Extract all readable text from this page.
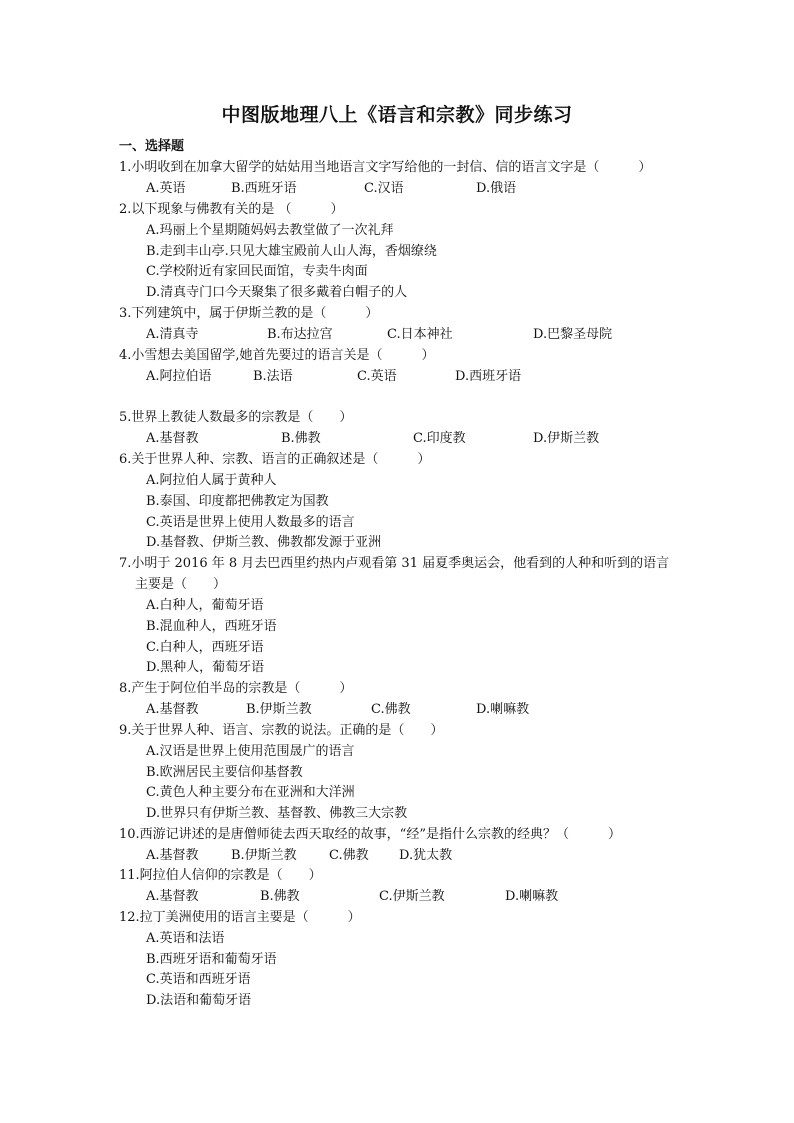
中图版地理八上《语言和宗教》同步练习
一、选择题
1.小明收到在加拿大留学的姑姑用当地语言文字写给他的一封信、信的语言文字是（　　　）
A.英语	B.西班牙语	C.汉语	D.俄语
2.以下现象与佛教有关的是 （　　　）
A.玛丽上个星期随妈妈去教堂做了一次礼拜
B.走到丰山亭.只见大雄宝殿前人山人海，香烟缭绕
C.学校附近有家回民面馆，专卖牛肉面
D.清真寺门口今天聚集了很多戴着白帽子的人
3.下列建筑中，属于伊斯兰教的是（　　　）
A.清真寺	B.布达拉宫	C.日本神社	D.巴黎圣母院
4.小雪想去美国留学,她首先要过的语言关是（　　　）
A.阿拉伯语	B.法语	C.英语	D.西班牙语
5.世界上教徒人数最多的宗教是（　　）
A.基督教	B.佛教	C.印度教	D.伊斯兰教
6.关于世界人种、宗教、语言的正确叙述是（　　　）
A.阿拉伯人属于黄种人
B.泰国、印度都把佛教定为国教
C.英语是世界上使用人数最多的语言
D.基督教、伊斯兰教、佛教都发源于亚洲
7.小明于 2016 年 8 月去巴西里约热内卢观看第 31 届夏季奥运会，他看到的人种和听到的语言
主要是（　　）
A.白种人，葡萄牙语
B.混血种人，西班牙语
C.白种人，西班牙语
D.黑种人，葡萄牙语
8.产生于阿位伯半岛的宗教是（　　　）
A.基督教	B.伊斯兰教	C.佛教	D.喇嘛教
9.关于世界人种、语言、宗教的说法。正确的是（　　）
A.汉语是世界上使用范围晟广的语言
B.欧洲居民主要信仰基督教
C.黄色人种主要分布在亚洲和大洋洲
D.世界只有伊斯兰教、基督教、佛教三大宗教
10.西游记讲述的是唐僧师徒去西天取经的故事，“经”是指什么宗教的经典？（　　　）
A.基督教 B.伊斯兰教 C.佛教 D.犹太教
11.阿拉伯人信仰的宗教是（　　）
A.基督教	B.佛教	C.伊斯兰教	D.喇嘛教
12.拉丁美洲使用的语言主要是（　　　）
A.英语和法语
B.西班牙语和葡萄牙语
C.英语和西班牙语
D.法语和葡萄牙语
